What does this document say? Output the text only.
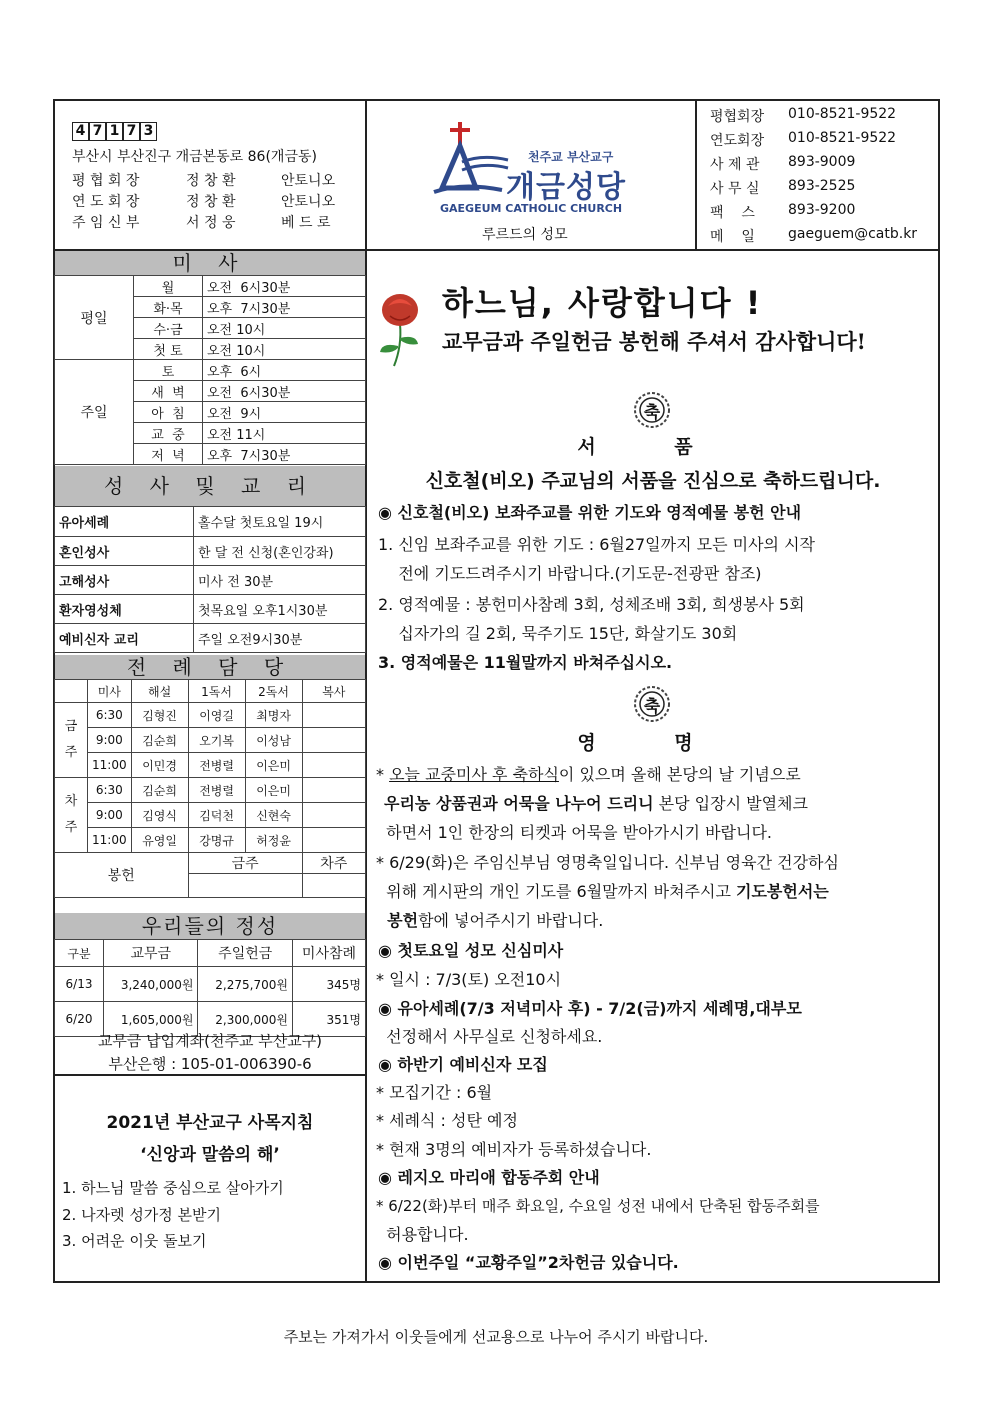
4 7 1 7 3
부산시 부산진구 개금본동로 86(개금동)
평 협 회 장	정 창 환	안토니오
연 도 회 장	정 창 환	안토니오
주 임 신 부	서 정 웅	베 드 로
천주교 부산교구
개금성당
GAEGEUM CATHOLIC CHURCH
루르드의 성모
평협회장 010-8521-9522
연도회장 010-8521-9522
사 제 관 893-9009
사 무 실 893-2525
팩    스 893-9200
메    일 gaeguem@catb.kr
미 사
평일	월	오전  6시30분
	화·목	오후  7시30분
	수·금	오전 10시
	첫 토	오전 10시
주일	토	오후  6시
	새  벽	오전  6시30분
	아  침	오전  9시
	교  중	오전 11시
	저  녁	오후  7시30분
성 사 및 교 리
유아세례	홀수달 첫토요일 19시
혼인성사	한 달 전 신청(혼인강좌)
고해성사	미사 전 30분
환자영성체	첫목요일 오후1시30분
예비신자 교리	주일 오전9시30분
전 례 담 당
	미사	해설	1독서	2독서	복사
금 주	6:30	김형진	이영길	최명자	
	9:00	김순희	오기복	이성남	
	11:00	이민경	전병렬	이은미	
차 주	6:30	김순희	전병렬	이은미	
	9:00	김영식	김덕천	신현숙	
	11:00	유영일	강명규	허정윤	
봉헌			금주		차주

우리들의 정성
구분	교무금	주일헌금	미사참례
6/13	3,240,000원	2,275,700원	345명
6/20	1,605,000원	2,300,000원	351명
교무금 납입계좌(천주교 부산교구)
부산은행 : 105-01-006390-6
2021년 부산교구 사목지침
‘신앙과 말씀의 해’
1. 하느님 말씀 중심으로 살아가기
2. 나자렛 성가정 본받기
3. 어려운 이웃 돌보기
하느님, 사랑합니다 !
교무금과 주일헌금 봉헌해 주셔서 감사합니다!
축
서 품
신호철(비오) 주교님의 서품을 진심으로 축하드립니다.
◉ 신호철(비오) 보좌주교를 위한 기도와 영적예물 봉헌 안내
1. 신임 보좌주교를 위한 기도 : 6월27일까지 모든 미사의 시작
전에 기도드려주시기 바랍니다.(기도문-전광판 참조)
2. 영적예물 : 봉헌미사참례 3회, 성체조배 3회, 희생봉사 5회
십자가의 길 2회, 묵주기도 15단, 화살기도 30회
3. 영적예물은 11월말까지 바쳐주십시오.
축
영 명
* 오늘 교중미사 후 축하식이 있으며 올해 본당의 날 기념으로
우리농 상품권과 어묵을 나누어 드리니 본당 입장시 발열체크
하면서 1인 한장의 티켓과 어묵을 받아가시기 바랍니다.
* 6/29(화)은 주임신부님 영명축일입니다. 신부님 영육간 건강하심
위해 게시판의 개인 기도를 6월말까지 바쳐주시고 기도봉헌서는
봉헌함에 넣어주시기 바랍니다.
◉ 첫토요일 성모 신심미사
* 일시 : 7/3(토) 오전10시
◉ 유아세례(7/3 저녁미사 후) - 7/2(금)까지 세례명,대부모
선정해서 사무실로 신청하세요.
◉ 하반기 예비신자 모집
* 모집기간 : 6월
* 세례식 : 성탄 예정
* 현재 3명의 예비자가 등록하셨습니다.
◉ 레지오 마리애 합동주회 안내
* 6/22(화)부터 매주 화요일, 수요일 성전 내에서 단축된 합동주회를
허용합니다.
◉ 이번주일 “교황주일”2차헌금 있습니다.
주보는 가져가서 이웃들에게 선교용으로 나누어 주시기 바랍니다.
